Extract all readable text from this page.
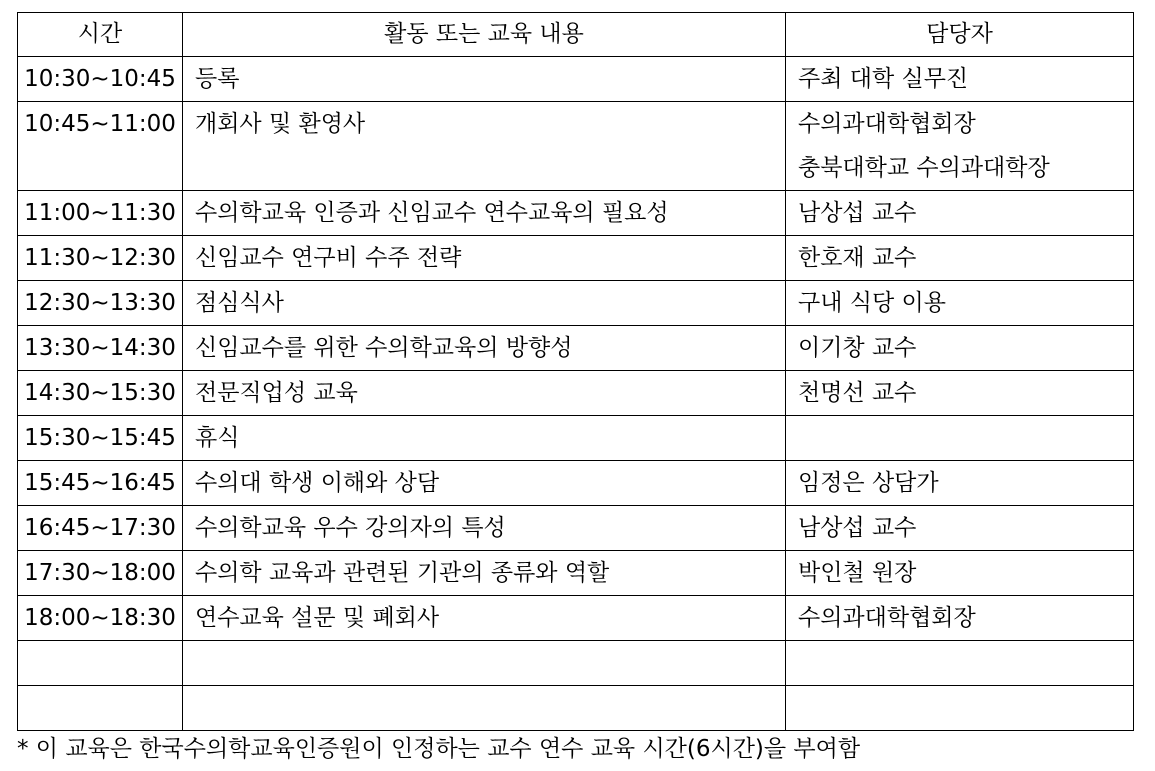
시간	활동 또는 교육 내용	담당자
10:30~10:45	등록	주최 대학 실무진

10:45~11:00	개회사 및 환영사	수의과대학협회장
충북대학교 수의과대학장

11:00~11:30	수의학교육 인증과 신임교수 연수교육의 필요성	남상섭 교수
11:30~12:30	신임교수 연구비 수주 전략	한호재 교수
12:30~13:30	점심식사	구내 식당 이용
13:30~14:30	신임교수를 위한 수의학교육의 방향성	이기창 교수
14:30~15:30	전문직업성 교육	천명선 교수
15:30~15:45	휴식	
15:45~16:45	수의대 학생 이해와 상담	임정은 상담가
16:45~17:30	수의학교육 우수 강의자의 특성	남상섭 교수
17:30~18:00	수의학 교육과 관련된 기관의 종류와 역할	박인철 원장
18:00~18:30	연수교육 설문 및 폐회사	수의과대학협회장

* 이 교육은 한국수의학교육인증원이 인정하는 교수 연수 교육 시간(6시간)을 부여함
